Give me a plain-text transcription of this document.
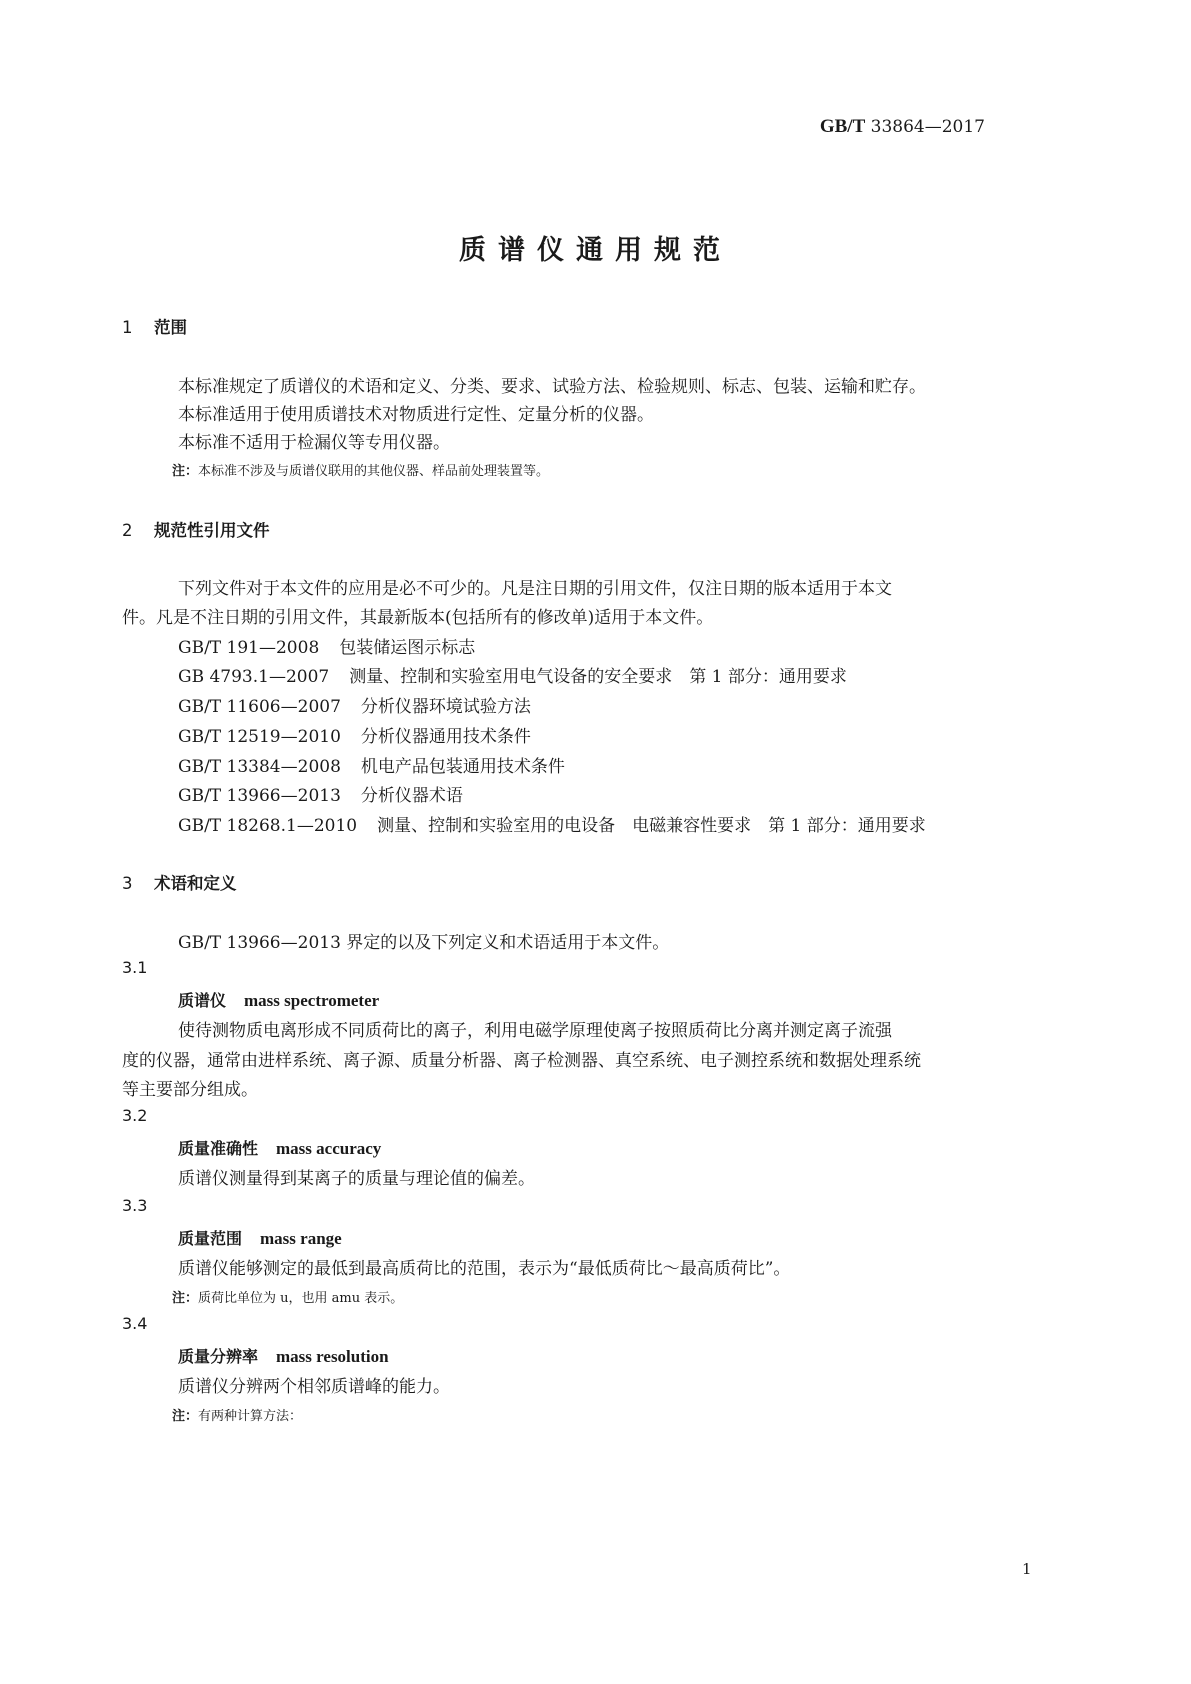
GB/T 33864—2017
质谱仪通用规范
1 范围
本标准规定了质谱仪的术语和定义、分类、要求、试验方法、检验规则、标志、包装、运输和贮存。
本标准适用于使用质谱技术对物质进行定性、定量分析的仪器。
本标准不适用于检漏仪等专用仪器。
注：本标准不涉及与质谱仪联用的其他仪器、样品前处理装置等。
2 规范性引用文件
下列文件对于本文件的应用是必不可少的。凡是注日期的引用文件，仅注日期的版本适用于本文
件。凡是不注日期的引用文件，其最新版本(包括所有的修改单)适用于本文件。
GB/T 191—2008 包装储运图示标志
GB 4793.1—2007 测量、控制和实验室用电气设备的安全要求　第 1 部分：通用要求
GB/T 11606—2007 分析仪器环境试验方法
GB/T 12519—2010 分析仪器通用技术条件
GB/T 13384—2008 机电产品包装通用技术条件
GB/T 13966—2013 分析仪器术语
GB/T 18268.1—2010 测量、控制和实验室用的电设备　电磁兼容性要求　第 1 部分：通用要求
3 术语和定义
GB/T 13966—2013 界定的以及下列定义和术语适用于本文件。
3.1
质谱仪 mass spectrometer
使待测物质电离形成不同质荷比的离子，利用电磁学原理使离子按照质荷比分离并测定离子流强
度的仪器，通常由进样系统、离子源、质量分析器、离子检测器、真空系统、电子测控系统和数据处理系统
等主要部分组成。
3.2
质量准确性 mass accuracy
质谱仪测量得到某离子的质量与理论值的偏差。
3.3
质量范围 mass range
质谱仪能够测定的最低到最高质荷比的范围，表示为“最低质荷比～最高质荷比”。
注：质荷比单位为 u，也用 amu 表示。
3.4
质量分辨率 mass resolution
质谱仪分辨两个相邻质谱峰的能力。
注：有两种计算方法：
1
